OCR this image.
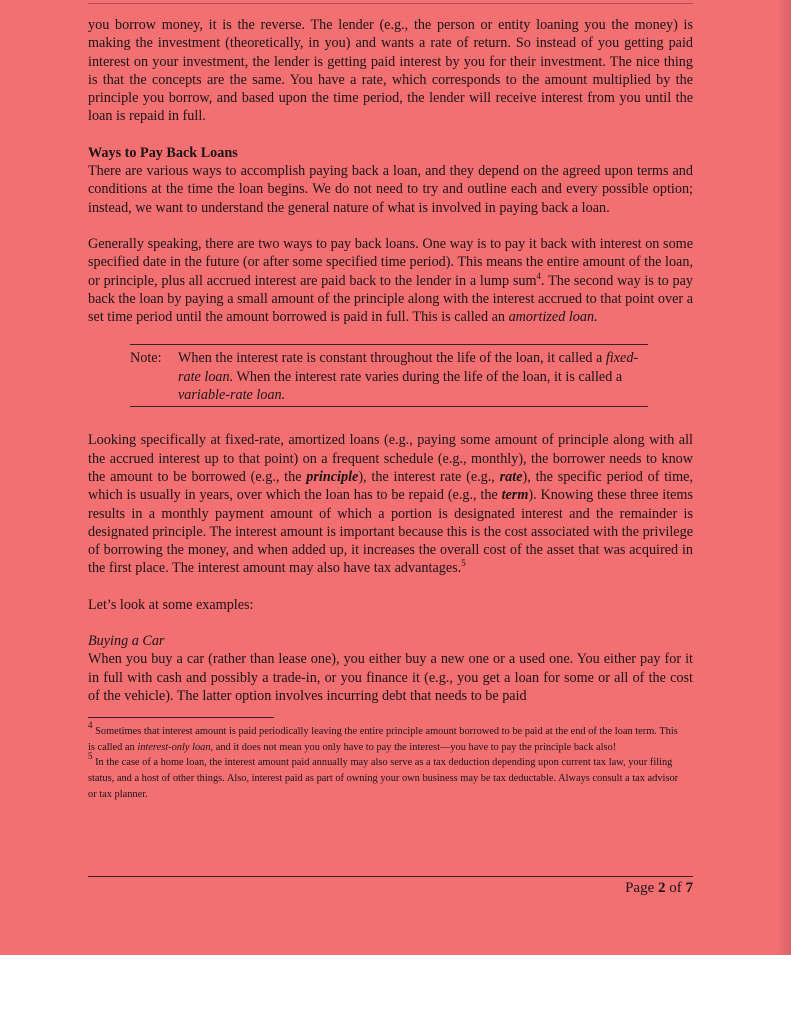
you borrow money, it is the reverse. The lender (e.g., the person or entity loaning you the money) is making the investment (theoretically, in you) and wants a rate of return. So instead of you getting paid interest on your investment, the lender is getting paid interest by you for their investment. The nice thing is that the concepts are the same. You have a rate, which corresponds to the amount multiplied by the principle you borrow, and based upon the time period, the lender will receive interest from you until the loan is repaid in full.

Ways to Pay Back Loans

There are various ways to accomplish paying back a loan, and they depend on the agreed upon terms and conditions at the time the loan begins. We do not need to try and outline each and every possible option; instead, we want to understand the general nature of what is involved in paying back a loan.

Generally speaking, there are two ways to pay back loans. One way is to pay it back with interest on some specified date in the future (or after some specified time period). This means the entire amount of the loan, or principle, plus all accrued interest are paid back to the lender in a lump sum$^4$. The second way is to pay back the loan by paying a small amount of the principle along with the interest accrued to that point over a set time period until the amount borrowed is paid in full. This is called an amortized loan.

Note:	When the interest rate is constant throughout the life of the loan, it called a fixed-rate loan. When the interest rate varies during the life of the loan, it is called a variable-rate loan.

Looking specifically at fixed-rate, amortized loans (e.g., paying some amount of principle along with all the accrued interest up to that point) on a frequent schedule (e.g., monthly), the borrower needs to know the amount to be borrowed (e.g., the principle), the interest rate (e.g., rate), the specific period of time, which is usually in years, over which the loan has to be repaid (e.g., the term). Knowing these three items results in a monthly payment amount of which a portion is designated interest and the remainder is designated principle. The interest amount is important because this is the cost associated with the privilege of borrowing the money, and when added up, it increases the overall cost of the asset that was acquired in the first place. The interest amount may also have tax advantages.$^5$

Let’s look at some examples:

Buying a Car

When you buy a car (rather than lease one), you either buy a new one or a used one. You either pay for it in full with cash and possibly a trade-in, or you finance it (e.g., you get a loan for some or all of the cost of the vehicle). The latter option involves incurring debt that needs to be paid

$^4$ Sometimes that interest amount is paid periodically leaving the entire principle amount borrowed to be paid at the end of the loan term. This is called an interest-only loan, and it does not mean you only have to pay the interest—you have to pay the principle back also!

$^5$ In the case of a home loan, the interest amount paid annually may also serve as a tax deduction depending upon current tax law, your filing status, and a host of other things. Also, interest paid as part of owning your own business may be tax deductable. Always consult a tax advisor or tax planner.

Page 2 of 7
